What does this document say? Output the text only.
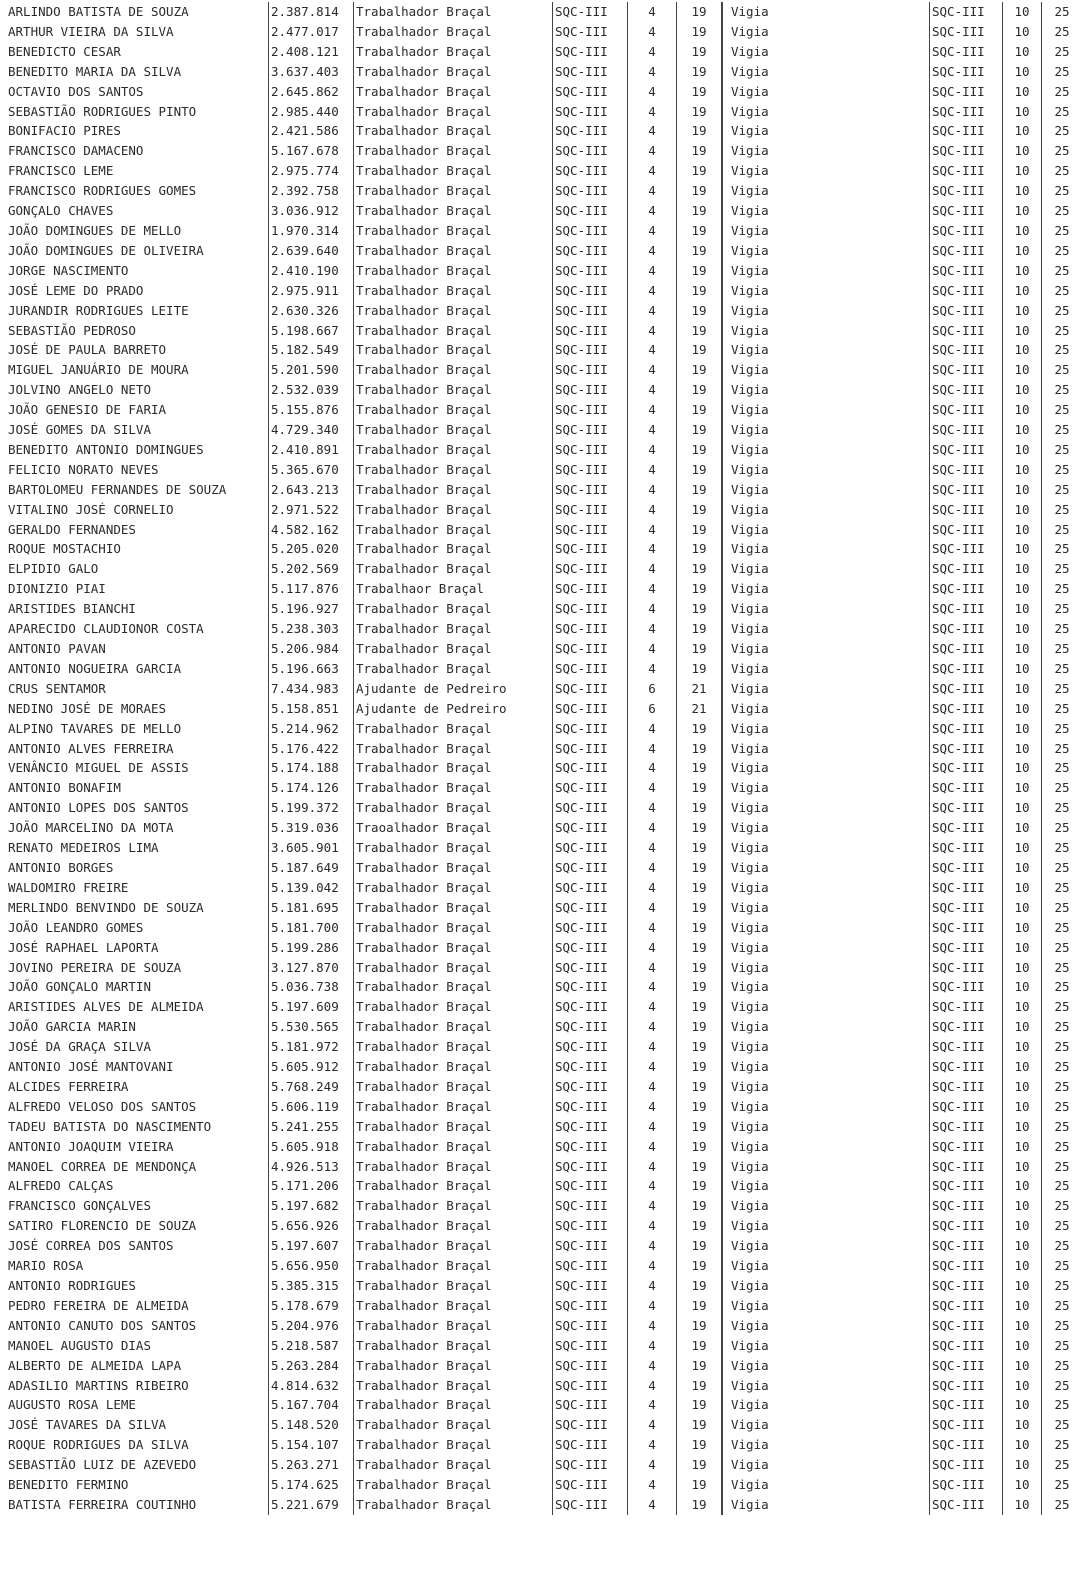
ARLINDO BATISTA DE SOUZA	2.387.814	Trabalhador Braçal	SQC-III	4	19	Vigia	SQC-III	10	25
ARTHUR VIEIRA DA SILVA	2.477.017	Trabalhador Braçal	SQC-III	4	19	Vigia	SQC-III	10	25
BENEDICTO CESAR	2.408.121	Trabalhador Braçal	SQC-III	4	19	Vigia	SQC-III	10	25
BENEDITO MARIA DA SILVA	3.637.403	Trabalhador Braçal	SQC-III	4	19	Vigia	SQC-III	10	25
OCTAVIO DOS SANTOS	2.645.862	Trabalhador Braçal	SQC-III	4	19	Vigia	SQC-III	10	25
SEBASTIÃO RODRIGUES PINTO	2.985.440	Trabalhador Braçal	SQC-III	4	19	Vigia	SQC-III	10	25
BONIFACIO PIRES	2.421.586	Trabalhador Braçal	SQC-III	4	19	Vigia	SQC-III	10	25
FRANCISCO DAMACENO	5.167.678	Trabalhador Braçal	SQC-III	4	19	Vigia	SQC-III	10	25
FRANCISCO LEME	2.975.774	Trabalhador Braçal	SQC-III	4	19	Vigia	SQC-III	10	25
FRANCISCO RODRIGUES GOMES	2.392.758	Trabalhador Braçal	SQC-III	4	19	Vigia	SQC-III	10	25
GONÇALO CHAVES	3.036.912	Trabalhador Braçal	SQC-III	4	19	Vigia	SQC-III	10	25
JOÃO DOMINGUES DE MELLO	1.970.314	Trabalhador Braçal	SQC-III	4	19	Vigia	SQC-III	10	25
JOÃO DOMINGUES DE OLIVEIRA	2.639.640	Trabalhador Braçal	SQC-III	4	19	Vigia	SQC-III	10	25
JORGE NASCIMENTO	2.410.190	Trabalhador Braçal	SQC-III	4	19	Vigia	SQC-III	10	25
JOSÉ LEME DO PRADO	2.975.911	Trabalhador Braçal	SQC-III	4	19	Vigia	SQC-III	10	25
JURANDIR RODRIGUES LEITE	2.630.326	Trabalhador Braçal	SQC-III	4	19	Vigia	SQC-III	10	25
SEBASTIÃO PEDROSO	5.198.667	Trabalhador Braçal	SQC-III	4	19	Vigia	SQC-III	10	25
JOSÉ DE PAULA BARRETO	5.182.549	Trabalhador Braçal	SQC-III	4	19	Vigia	SQC-III	10	25
MIGUEL JANUÁRIO DE MOURA	5.201.590	Trabalhador Braçal	SQC-III	4	19	Vigia	SQC-III	10	25
JOLVINO ANGELO NETO	2.532.039	Trabalhador Braçal	SQC-III	4	19	Vigia	SQC-III	10	25
JOÃO GENESIO DE FARIA	5.155.876	Trabalhador Braçal	SQC-III	4	19	Vigia	SQC-III	10	25
JOSÉ GOMES DA SILVA	4.729.340	Trabalhador Braçal	SQC-III	4	19	Vigia	SQC-III	10	25
BENEDITO ANTONIO DOMINGUES	2.410.891	Trabalhador Braçal	SQC-III	4	19	Vigia	SQC-III	10	25
FELICIO NORATO NEVES	5.365.670	Trabalhador Braçal	SQC-III	4	19	Vigia	SQC-III	10	25
BARTOLOMEU FERNANDES DE SOUZA	2.643.213	Trabalhador Braçal	SQC-III	4	19	Vigia	SQC-III	10	25
VITALINO JOSÉ CORNELIO	2.971.522	Trabalhador Braçal	SQC-III	4	19	Vigia	SQC-III	10	25
GERALDO FERNANDES	4.582.162	Trabalhador Braçal	SQC-III	4	19	Vigia	SQC-III	10	25
ROQUE MOSTACHIO	5.205.020	Trabalhador Braçal	SQC-III	4	19	Vigia	SQC-III	10	25
ELPIDIO GALO	5.202.569	Trabalhador Braçal	SQC-III	4	19	Vigia	SQC-III	10	25
DIONIZIO PIAI	5.117.876	Trabalhaor Braçal	SQC-III	4	19	Vigia	SQC-III	10	25
ARISTIDES BIANCHI	5.196.927	Trabalhador Braçal	SQC-III	4	19	Vigia	SQC-III	10	25
APARECIDO CLAUDIONOR COSTA	5.238.303	Trabalhador Braçal	SQC-III	4	19	Vigia	SQC-III	10	25
ANTONIO PAVAN	5.206.984	Trabalhador Braçal	SQC-III	4	19	Vigia	SQC-III	10	25
ANTONIO NOGUEIRA GARCIA	5.196.663	Trabalhador Braçal	SQC-III	4	19	Vigia	SQC-III	10	25
CRUS SENTAMOR	7.434.983	Ajudante de Pedreiro	SQC-III	6	21	Vigia	SQC-III	10	25
NEDINO JOSÉ DE MORAES	5.158.851	Ajudante de Pedreiro	SQC-III	6	21	Vigia	SQC-III	10	25
ALPINO TAVARES DE MELLO	5.214.962	Trabalhador Braçal	SQC-III	4	19	Vigia	SQC-III	10	25
ANTONIO ALVES FERREIRA	5.176.422	Trabalhador Braçal	SQC-III	4	19	Vigia	SQC-III	10	25
VENÂNCIO MIGUEL DE ASSIS	5.174.188	Trabalhador Braçal	SQC-III	4	19	Vigia	SQC-III	10	25
ANTONIO BONAFIM	5.174.126	Trabalhador Braçal	SQC-III	4	19	Vigia	SQC-III	10	25
ANTONIO LOPES DOS SANTOS	5.199.372	Trabalhador Braçal	SQC-III	4	19	Vigia	SQC-III	10	25
JOÃO MARCELINO DA MOTA	5.319.036	Traoalhador Braçal	SQC-III	4	19	Vigia	SQC-III	10	25
RENATO MEDEIROS LIMA	3.605.901	Trabalhador Braçal	SQC-III	4	19	Vigia	SQC-III	10	25
ANTONIO BORGES	5.187.649	Trabalhador Braçal	SQC-III	4	19	Vigia	SQC-III	10	25
WALDOMIRO FREIRE	5.139.042	Trabalhador Braçal	SQC-III	4	19	Vigia	SQC-III	10	25
MERLINDO BENVINDO DE SOUZA	5.181.695	Trabalhador Braçal	SQC-III	4	19	Vigia	SQC-III	10	25
JOÃO LEANDRO GOMES	5.181.700	Trabalhador Braçal	SQC-III	4	19	Vigia	SQC-III	10	25
JOSÉ RAPHAEL LAPORTA	5.199.286	Trabalhador Braçal	SQC-III	4	19	Vigia	SQC-III	10	25
JOVINO PEREIRA DE SOUZA	3.127.870	Trabalhador Braçal	SQC-III	4	19	Vigia	SQC-III	10	25
JOÃO GONÇALO MARTIN	5.036.738	Trabalhador Braçal	SQC-III	4	19	Vigia	SQC-III	10	25
ARISTIDES ALVES DE ALMEIDA	5.197.609	Trabalhador Braçal	SQC-III	4	19	Vigia	SQC-III	10	25
JOÃO GARCIA MARIN	5.530.565	Trabalhador Braçal	SQC-III	4	19	Vigia	SQC-III	10	25
JOSÉ DA GRAÇA SILVA	5.181.972	Trabalhador Braçal	SQC-III	4	19	Vigia	SQC-III	10	25
ANTONIO JOSÉ MANTOVANI	5.605.912	Trabalhador Braçal	SQC-III	4	19	Vigia	SQC-III	10	25
ALCIDES FERREIRA	5.768.249	Trabalhador Braçal	SQC-III	4	19	Vigia	SQC-III	10	25
ALFREDO VELOSO DOS SANTOS	5.606.119	Trabalhador Braçal	SQC-III	4	19	Vigia	SQC-III	10	25
TADEU BATISTA DO NASCIMENTO	5.241.255	Trabalhador Braçal	SQC-III	4	19	Vigia	SQC-III	10	25
ANTONIO JOAQUIM VIEIRA	5.605.918	Trabalhador Braçal	SQC-III	4	19	Vigia	SQC-III	10	25
MANOEL CORREA DE MENDONÇA	4.926.513	Trabalhador Braçal	SQC-III	4	19	Vigia	SQC-III	10	25
ALFREDO CALÇAS	5.171.206	Trabalhador Braçal	SQC-III	4	19	Vigia	SQC-III	10	25
FRANCISCO GONÇALVES	5.197.682	Trabalhador Braçal	SQC-III	4	19	Vigia	SQC-III	10	25
SATIRO FLORENCIO DE SOUZA	5.656.926	Trabalhador Braçal	SQC-III	4	19	Vigia	SQC-III	10	25
JOSÉ CORREA DOS SANTOS	5.197.607	Trabalhador Braçal	SQC-III	4	19	Vigia	SQC-III	10	25
MARIO ROSA	5.656.950	Trabalhador Braçal	SQC-III	4	19	Vigia	SQC-III	10	25
ANTONIO RODRIGUES	5.385.315	Trabalhador Braçal	SQC-III	4	19	Vigia	SQC-III	10	25
PEDRO FEREIRA DE ALMEIDA	5.178.679	Trabalhador Braçal	SQC-III	4	19	Vigia	SQC-III	10	25
ANTONIO CANUTO DOS SANTOS	5.204.976	Trabalhador Braçal	SQC-III	4	19	Vigia	SQC-III	10	25
MANOEL AUGUSTO DIAS	5.218.587	Trabalhador Braçal	SQC-III	4	19	Vigia	SQC-III	10	25
ALBERTO DE ALMEIDA LAPA	5.263.284	Trabalhador Braçal	SQC-III	4	19	Vigia	SQC-III	10	25
ADASILIO MARTINS RIBEIRO	4.814.632	Trabalhador Braçal	SQC-III	4	19	Vigia	SQC-III	10	25
AUGUSTO ROSA LEME	5.167.704	Trabalhador Braçal	SQC-III	4	19	Vigia	SQC-III	10	25
JOSÉ TAVARES DA SILVA	5.148.520	Trabalhador Braçal	SQC-III	4	19	Vigia	SQC-III	10	25
ROQUE RODRIGUES DA SILVA	5.154.107	Trabalhador Braçal	SQC-III	4	19	Vigia	SQC-III	10	25
SEBASTIÃO LUIZ DE AZEVEDO	5.263.271	Trabalhador Braçal	SQC-III	4	19	Vigia	SQC-III	10	25
BENEDITO FERMINO	5.174.625	Trabalhador Braçal	SQC-III	4	19	Vigia	SQC-III	10	25
BATISTA FERREIRA COUTINHO	5.221.679	Trabalhador Braçal	SQC-III	4	19	Vigia	SQC-III	10	25
